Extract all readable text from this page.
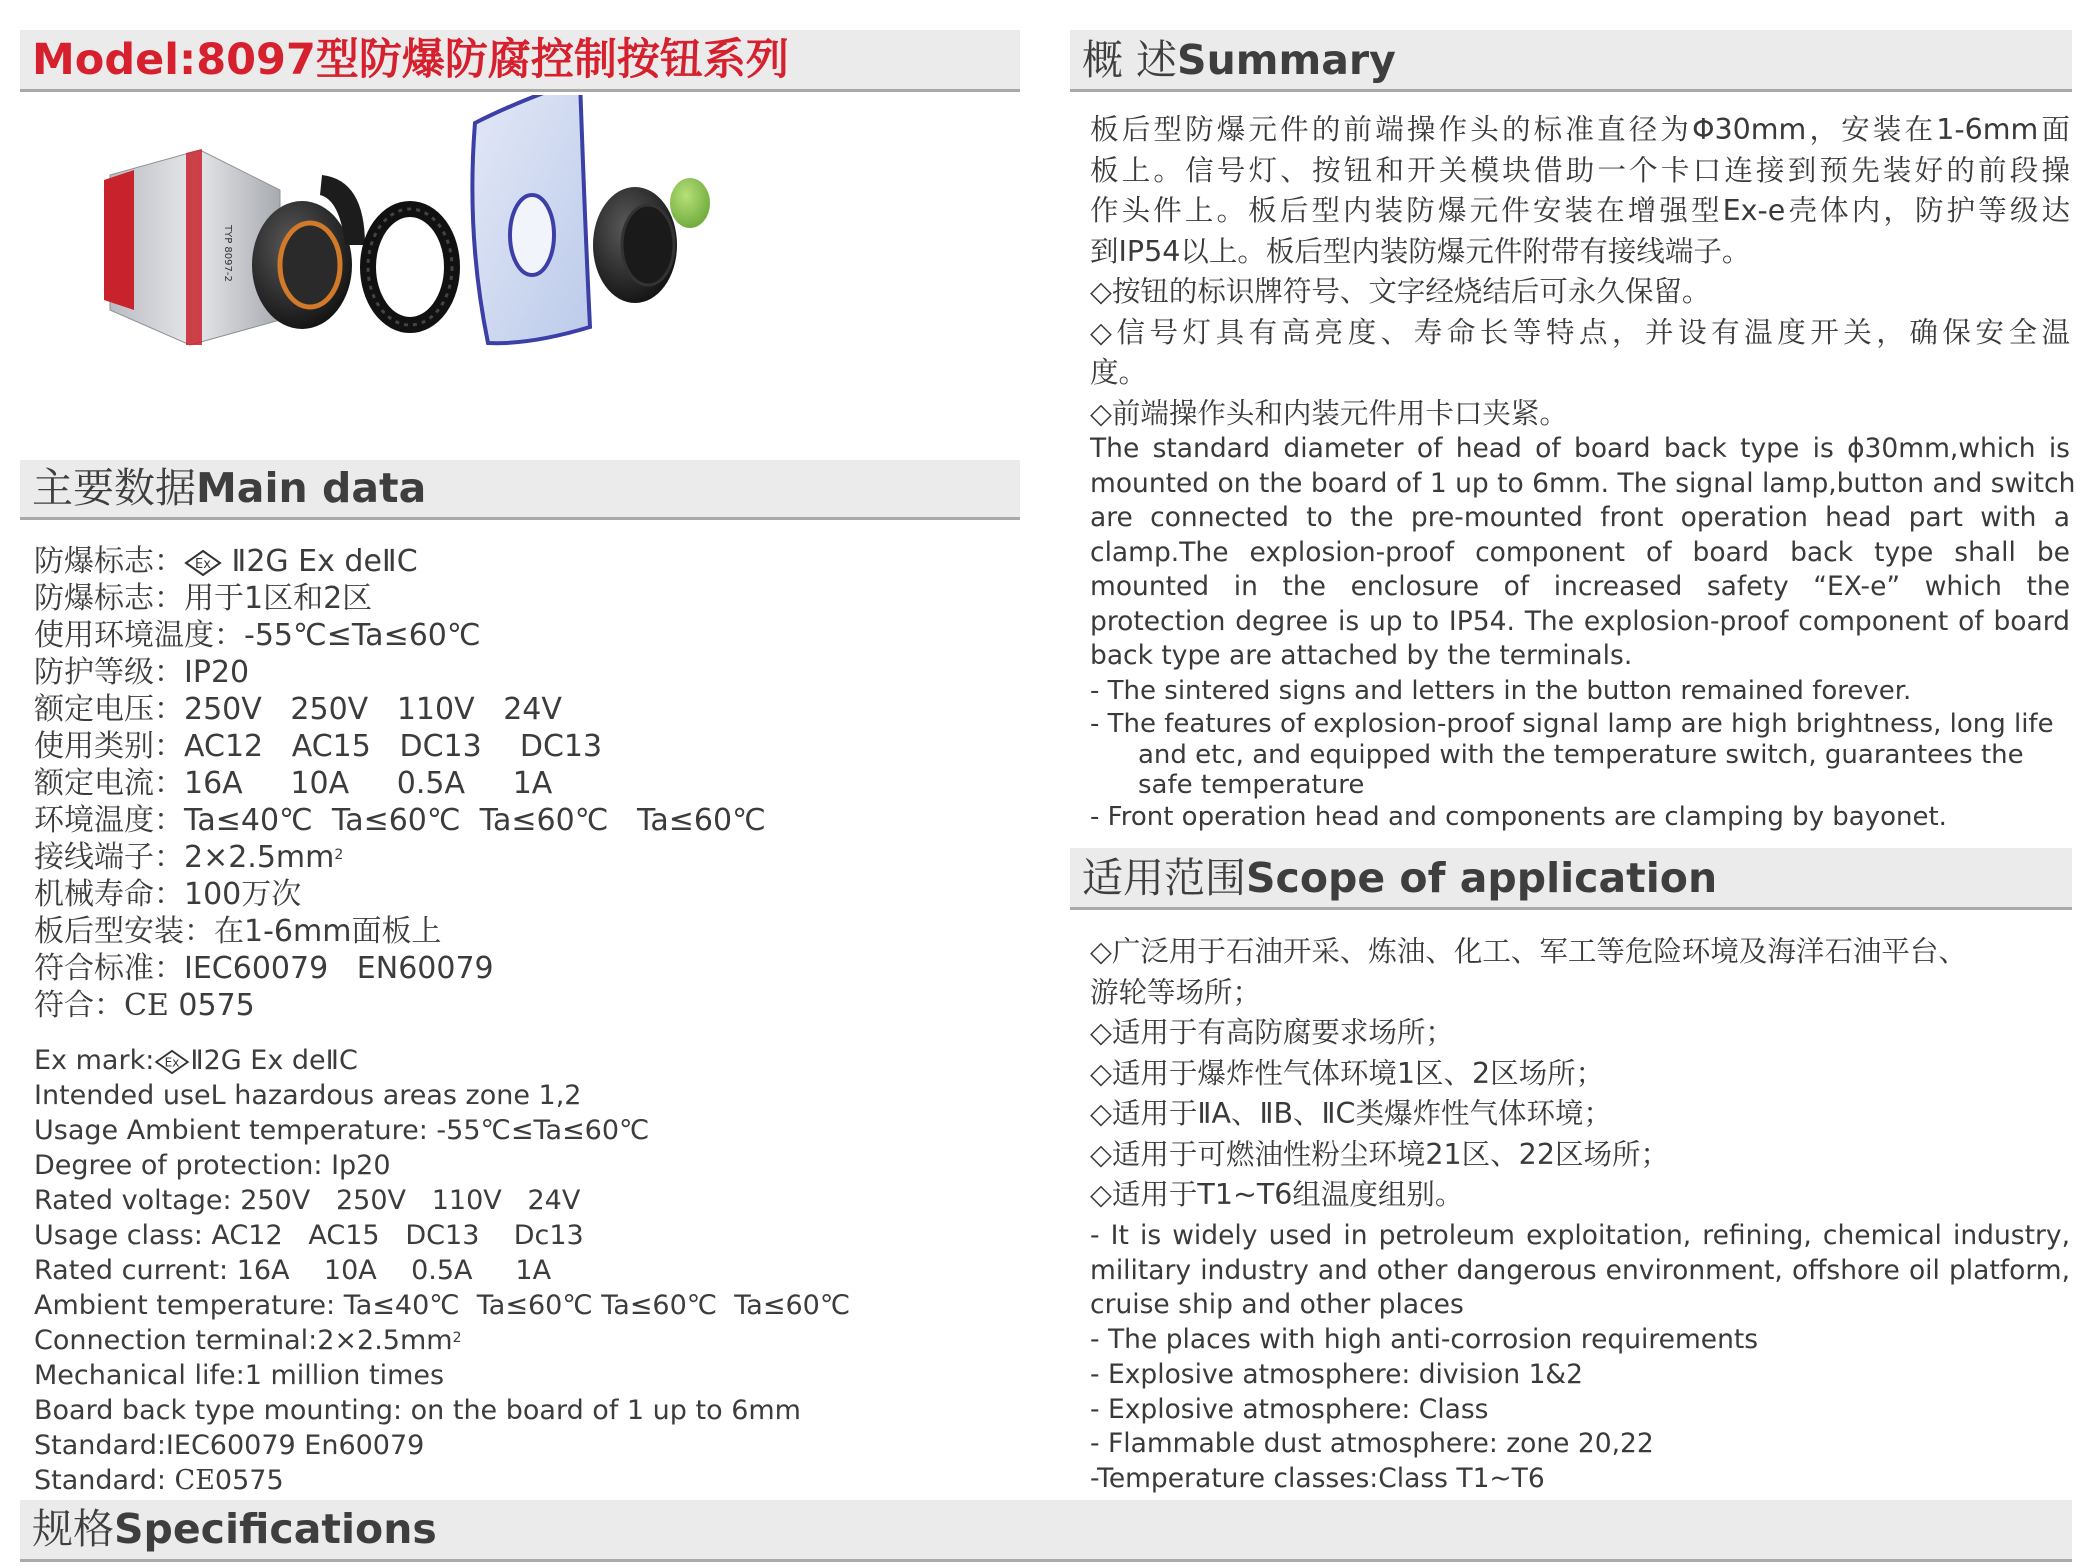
Model:8097型防爆防腐控制按钮系列
TYP 8097-2
主要数据Main data
防爆标志： Ex Ⅱ2G Ex deⅡC
防爆标志：用于1区和2区
使用环境温度：-55℃≤Ta≤60℃
防护等级：IP20
额定电压：250V 250V 110V 24V
使用类别：AC12 AC15 DC13 DC13
额定电流：16A 10A 0.5A 1A
环境温度：Ta≤40℃ Ta≤60℃ Ta≤60℃ Ta≤60℃
接线端子：$2\times 2.5mm^2$
机械寿命：100万次
板后型安装：在1-6mm面板上
符合标准：IEC60079 EN60079
符合：CE 0575
Ex mark: Ex Ⅱ2G Ex deⅡC
Intended useL hazardous areas zone 1,2
Usage Ambient temperature: -55℃≤Ta≤60℃
Degree of protection: Ip20
Rated voltage: 250V 250V 110V 24V
Usage class: AC12 AC15 DC13 Dc13
Rated current: 16A 10A 0.5A 1A
Ambient temperature: Ta≤40℃ Ta≤60℃ Ta≤60℃ Ta≤60℃
Connection $terminal:2\times 2.5mm^2$
Mechanical life:1 million times
Board back type mounting: on the board of 1 up to 6mm
Standard:IEC60079 En60079
Standard: CE0575
规格Specifications
概 述Summary
板后型防爆元件的前端操作头的标准直径为Φ30mm，安装在1-6mm面
板上。信号灯、按钮和开关模块借助一个卡口连接到预先装好的前段操
作头件上。板后型内装防爆元件安装在增强型Ex-e壳体内，防护等级达
到IP54以上。板后型内装防爆元件附带有接线端子。
◇按钮的标识牌符号、文字经烧结后可永久保留。
◇信号灯具有高亮度、寿命长等特点，并设有温度开关，确保安全温
度。
◇前端操作头和内装元件用卡口夹紧。
The standard diameter of head of board back type is ϕ30mm,which is
mounted on the board of 1 up to 6mm. The signal lamp,button and switch
are connected to the pre-mounted front operation head part with a
clamp.The explosion-proof component of board back type shall be
mounted in the enclosure of increased safety “EX-e” which the
protection degree is up to IP54. The explosion-proof component of board
back type are attached by the terminals.
- The sintered signs and letters in the button remained forever.
- The features of explosion-proof signal lamp are high brightness, long life
and etc, and equipped with the temperature switch, guarantees the
safe temperature
- Front operation head and components are clamping by bayonet.
适用范围Scope of application
◇广泛用于石油开采、炼油、化工、军工等危险环境及海洋石油平台、
游轮等场所；
◇适用于有高防腐要求场所；
◇适用于爆炸性气体环境1区、2区场所；
◇适用于ⅡA、ⅡB、ⅡC类爆炸性气体环境；
◇适用于可燃油性粉尘环境21区、22区场所；
◇适用于T1~T6组温度组别。
- It is widely used in petroleum exploitation, refining, chemical industry,
military industry and other dangerous environment, offshore oil platform,
cruise ship and other places
- The places with high anti-corrosion requirements
- Explosive atmosphere: division 1&2
- Explosive atmosphere: Class
- Flammable dust atmosphere: zone 20,22
-Temperature classes:Class T1~T6
